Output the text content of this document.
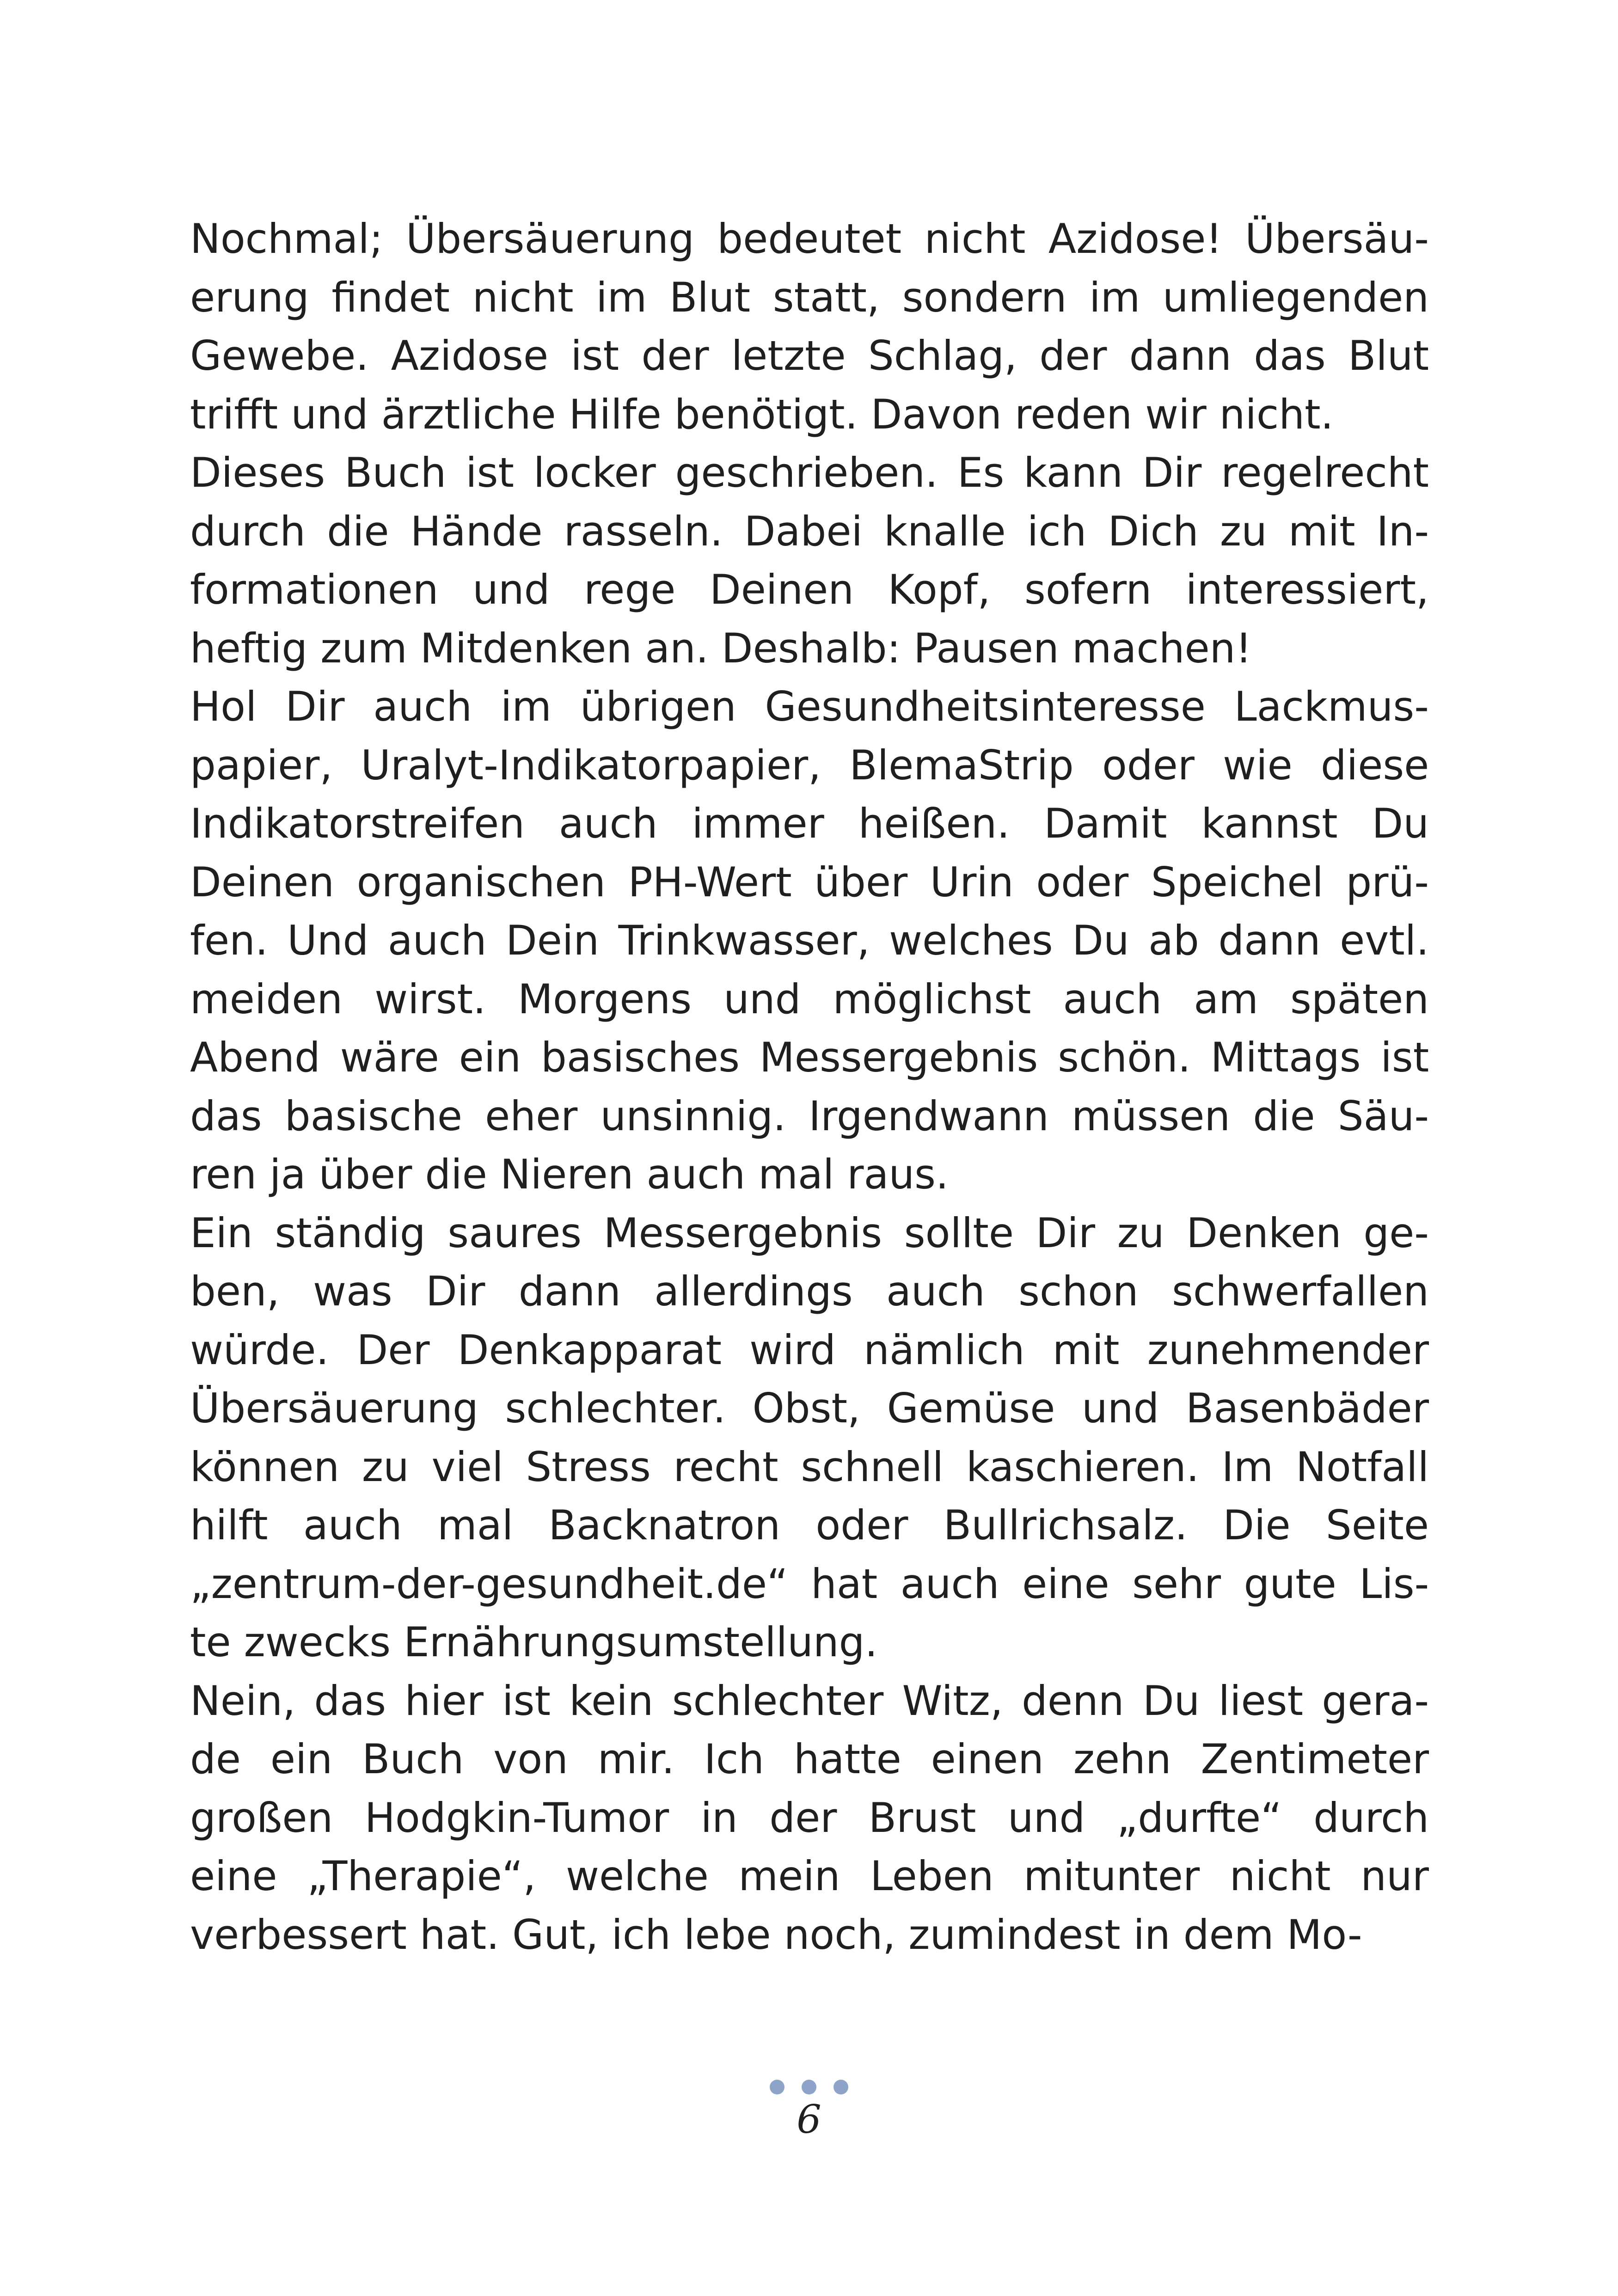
Nochmal; Übersäuerung bedeutet nicht Azidose! Übersäu-
erung findet nicht im Blut statt, sondern im umliegenden
Gewebe. Azidose ist der letzte Schlag, der dann das Blut
trifft und ärztliche Hilfe benötigt. Davon reden wir nicht.
Dieses Buch ist locker geschrieben. Es kann Dir regelrecht
durch die Hände rasseln. Dabei knalle ich Dich zu mit In-
formationen und rege Deinen Kopf, sofern interessiert,
heftig zum Mitdenken an. Deshalb: Pausen machen!
Hol Dir auch im übrigen Gesundheitsinteresse Lackmus-
papier, Uralyt-Indikatorpapier, BlemaStrip oder wie diese
Indikatorstreifen auch immer heißen. Damit kannst Du
Deinen organischen PH-Wert über Urin oder Speichel prü-
fen. Und auch Dein Trinkwasser, welches Du ab dann evtl.
meiden wirst. Morgens und möglichst auch am späten
Abend wäre ein basisches Messergebnis schön. Mittags ist
das basische eher unsinnig. Irgendwann müssen die Säu-
ren ja über die Nieren auch mal raus.
Ein ständig saures Messergebnis sollte Dir zu Denken ge-
ben, was Dir dann allerdings auch schon schwerfallen
würde. Der Denkapparat wird nämlich mit zunehmender
Übersäuerung schlechter. Obst, Gemüse und Basenbäder
können zu viel Stress recht schnell kaschieren. Im Notfall
hilft auch mal Backnatron oder Bullrichsalz. Die Seite
„zentrum-der-gesundheit.de“ hat auch eine sehr gute Lis-
te zwecks Ernährungsumstellung.
Nein, das hier ist kein schlechter Witz, denn Du liest gera-
de ein Buch von mir. Ich hatte einen zehn Zentimeter
großen Hodgkin-Tumor in der Brust und „durfte“ durch
eine „Therapie“, welche mein Leben mitunter nicht nur
verbessert hat. Gut, ich lebe noch, zumindest in dem Mo-
6
